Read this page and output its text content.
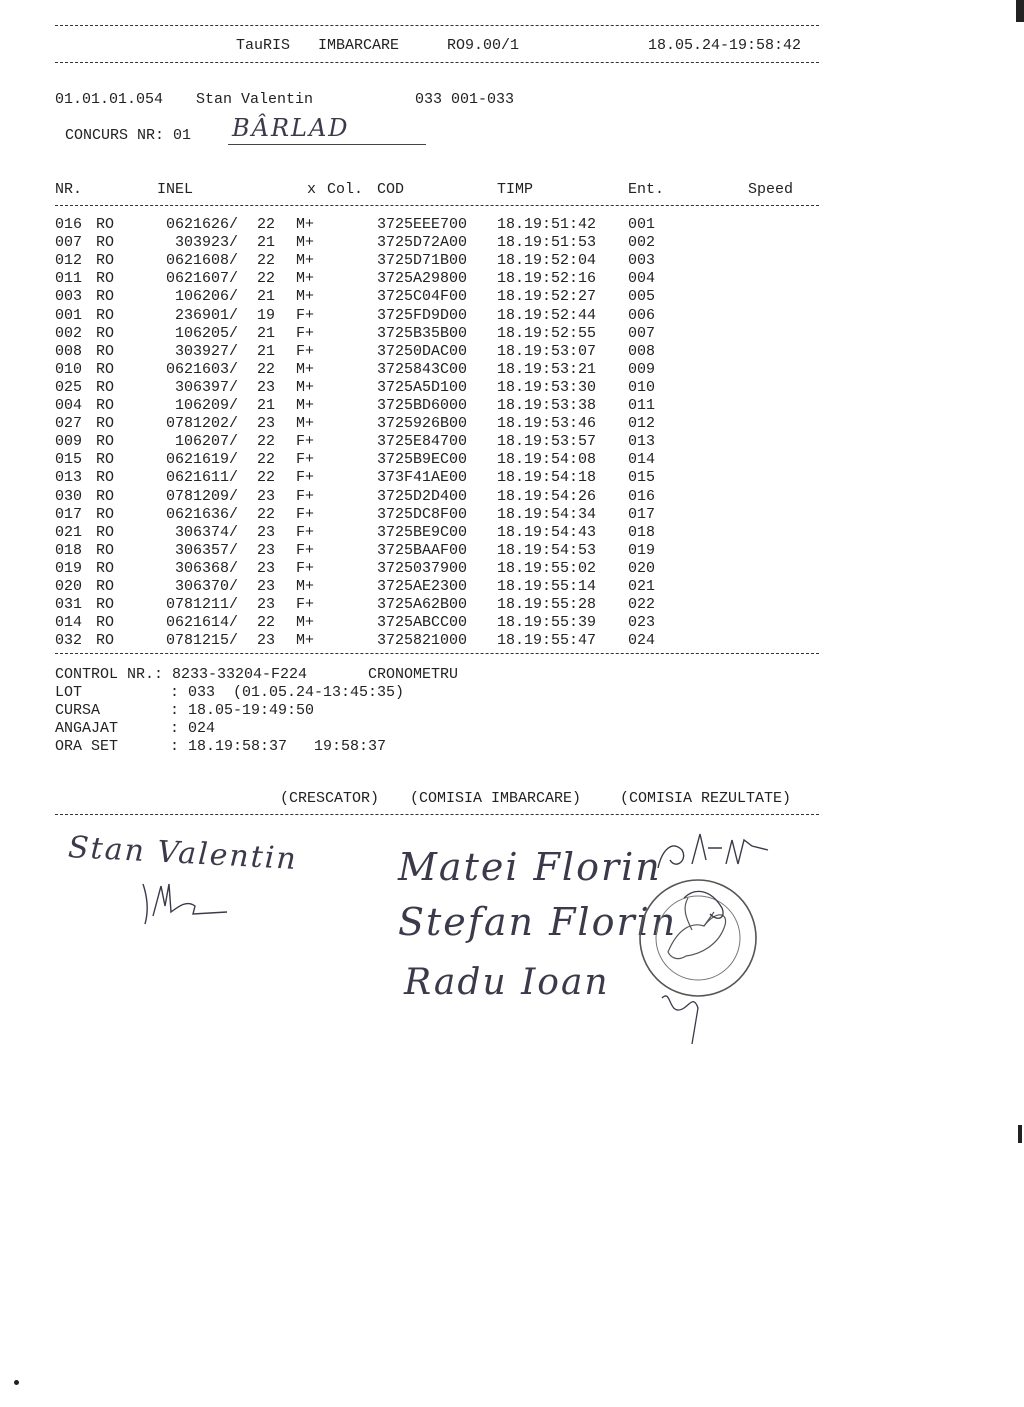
TauRIS IMBARCARE	RO9.00/1	18.05.24-19:58:42
01.01.01.054 Stan Valentin	033 001-033
CONCURS NR: 01 BÂRLAD
NR.	INEL	x Col. COD	TIMP	Ent.	Speed
016 RO	0621626/ 22 M+	3725EEE700	18.19:51:42	001
007 RO	303923/ 21 M+	3725D72A00	18.19:51:53	002
012 RO	0621608/ 22 M+	3725D71B00	18.19:52:04	003
011 RO	0621607/ 22 M+	3725A29800	18.19:52:16	004
003 RO	106206/ 21 M+	3725C04F00	18.19:52:27	005
001 RO	236901/ 19 F+	3725FD9D00	18.19:52:44	006
002 RO	106205/ 21 F+	3725B35B00	18.19:52:55	007
008 RO	303927/ 21 F+	37250DAC00	18.19:53:07	008
010 RO	0621603/ 22 M+	3725843C00	18.19:53:21	009
025 RO	306397/ 23 M+	3725A5D100	18.19:53:30	010
004 RO	106209/ 21 M+	3725BD6000	18.19:53:38	011
027 RO	0781202/ 23 M+	3725926B00	18.19:53:46	012
009 RO	106207/ 22 F+	3725E84700	18.19:53:57	013
015 RO	0621619/ 22 F+	3725B9EC00	18.19:54:08	014
013 RO	0621611/ 22 F+	373F41AE00	18.19:54:18	015
030 RO	0781209/ 23 F+	3725D2D400	18.19:54:26	016
017 RO	0621636/ 22 F+	3725DC8F00	18.19:54:34	017
021 RO	306374/ 23 F+	3725BE9C00	18.19:54:43	018
018 RO	306357/ 23 F+	3725BAAF00	18.19:54:53	019
019 RO	306368/ 23 F+	3725037900	18.19:55:02	020
020 RO	306370/ 23 M+	3725AE2300	18.19:55:14	021
031 RO	0781211/ 23 F+	3725A62B00	18.19:55:28	022
014 RO	0621614/ 22 M+	3725ABCC00	18.19:55:39	023
032 RO	0781215/ 23 M+	3725821000	18.19:55:47	024
CONTROL NR.: 8233-33204-F224	CRONOMETRU
LOT	: 033  (01.05.24-13:45:35)
CURSA	: 18.05-19:49:50
ANGAJAT	: 024
ORA SET	: 18.19:58:37   19:58:37
(CRESCATOR) (COMISIA IMBARCARE)	(COMISIA REZULTATE)
Stan Valentin	Matei Florin
Stefan Florin
Radu Ioan
